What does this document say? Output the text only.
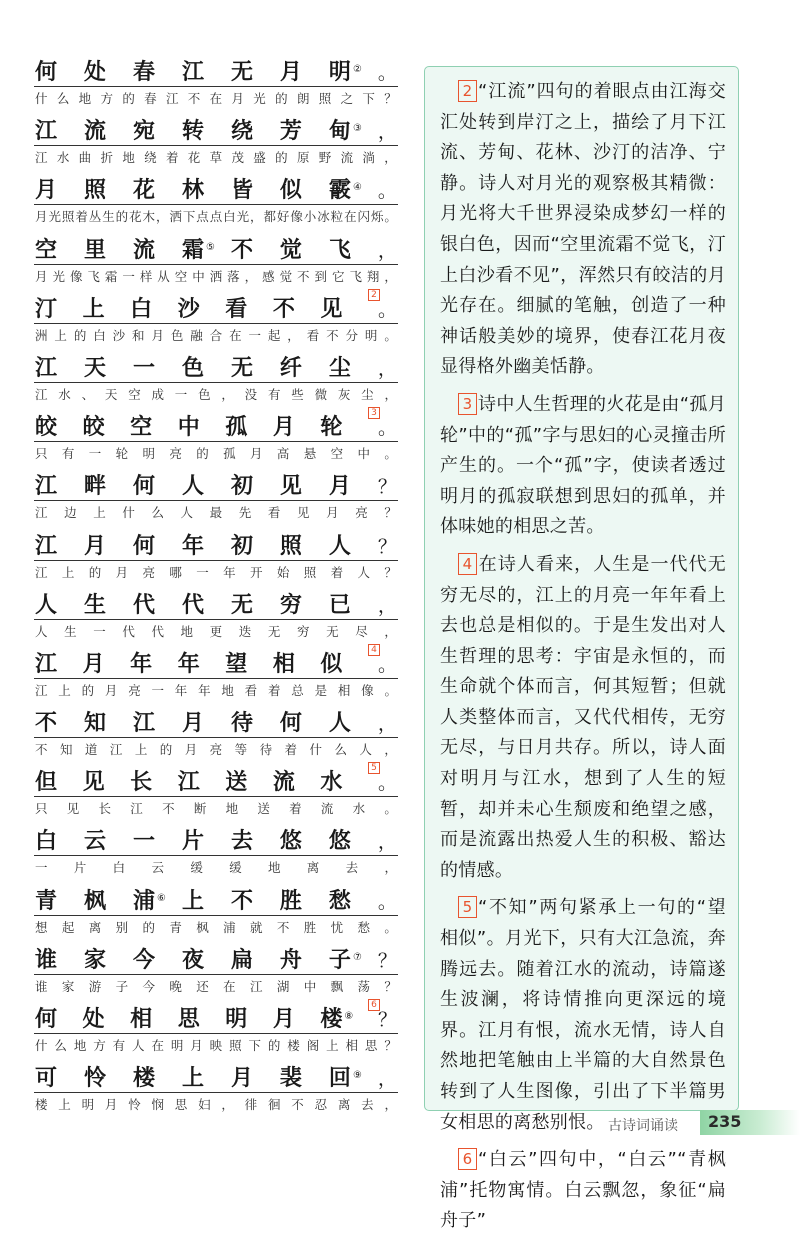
何 处 春 江 无 月 明 ② 。
什 么 地 方 的 春 江 不 在 月 光 的 朗 照 之 下 ？
江 流 宛 转 绕 芳 甸 ③ ，
江 水 曲 折 地 绕 着 花 草 茂 盛 的 原 野 流 淌 ，
月 照 花 林 皆 似 霰 ④ 。
月 光 照 着 丛 生 的 花 木 ， 洒 下 点 点 白 光 ， 都 好 像 小 冰 粒 在 闪 烁 。
空 里 流 霜 ⑤ 不 觉 飞 ，
月 光 像 飞 霜 一 样 从 空 中 洒 落 ， 感 觉 不 到 它 飞 翔 ，
汀 上 白 沙 看 不 见
2。
洲 上 的 白 沙 和 月 色 融 合 在 一 起 ， 看 不 分 明 。
江 天 一 色 无 纤 尘 ，
江 水 、 天 空 成 一 色 ， 没 有 些 微 灰 尘 ，
皎 皎 空 中 孤 月 轮
3。
只 有 一 轮 明 亮 的 孤 月 高 悬 空 中 。
江 畔 何 人 初 见 月 ？
江 边 上 什 么 人 最 先 看 见 月 亮 ？
江 月 何 年 初 照 人 ？
江 上 的 月 亮 哪 一 年 开 始 照 着 人 ？
人 生 代 代 无 穷 已 ，
人 生 一 代 代 地 更 迭 无 穷 无 尽 ，
江 月 年 年 望 相 似
4。
江 上 的 月 亮 一 年 年 地 看 着 总 是 相 像 。
不 知 江 月 待 何 人 ，
不 知 道 江 上 的 月 亮 等 待 着 什 么 人 ，
但 见 长 江 送 流 水
5。
只 见 长 江 不 断 地 送 着 流 水 。
白 云 一 片 去 悠 悠 ，
一 片 白 云 缓 缓 地 离 去 ，
青 枫 浦 ⑥ 上 不 胜 愁 。
想 起 离 别 的 青 枫 浦 就 不 胜 忧 愁 。
谁 家 今 夜 扁 舟 子 ⑦ ？
谁 家 游 子 今 晚 还 在 江 湖 中 飘 荡 ？
何 处 相 思 明 月 楼 ⑧
6？
什 么 地 方 有 人 在 明 月 映 照 下 的 楼 阁 上 相 思 ？
可 怜 楼 上 月 裴 回 ⑨ ，
楼 上 明 月 怜 悯 思 妇 ， 徘 徊 不 忍 离 去 ，

2 “江流”四句的着眼点由江海交汇处转到岸汀之上，描绘了月下江流、芳甸、花林、沙汀的洁净、宁静。诗人对月光的观察极其精微：月光将大千世界浸染成梦幻一样的银白色，因而“空里流霜不觉飞，汀上白沙看不见”，浑然只有皎洁的月光存在。细腻的笔触，创造了一种神话般美妙的境界，使春江花月夜显得格外幽美恬静。

3 诗中人生哲理的火花是由“孤月轮”中的“孤”字与思妇的心灵撞击所产生的。一个“孤”字，使读者透过明月的孤寂联想到思妇的孤单，并体味她的相思之苦。

4 在诗人看来，人生是一代代无穷无尽的，江上的月亮一年年看上去也总是相似的。于是生发出对人生哲理的思考：宇宙是永恒的，而生命就个体而言，何其短暂；但就人类整体而言，又代代相传，无穷无尽，与日月共存。所以，诗人面对明月与江水，想到了人生的短暂，却并未心生颓废和绝望之感，而是流露出热爱人生的积极、豁达的情感。

5 “不知”两句紧承上一句的“望相似”。月光下，只有大江急流，奔腾远去。随着江水的流动，诗篇遂生波澜，将诗情推向更深远的境界。江月有恨，流水无情，诗人自然地把笔触由上半篇的大自然景色转到了人生图像，引出了下半篇男女相思的离愁别恨。

6 “白云”四句中，“白云”“青枫浦”托物寓情。白云飘忽，象征“扁舟子”

古诗词诵读 235
